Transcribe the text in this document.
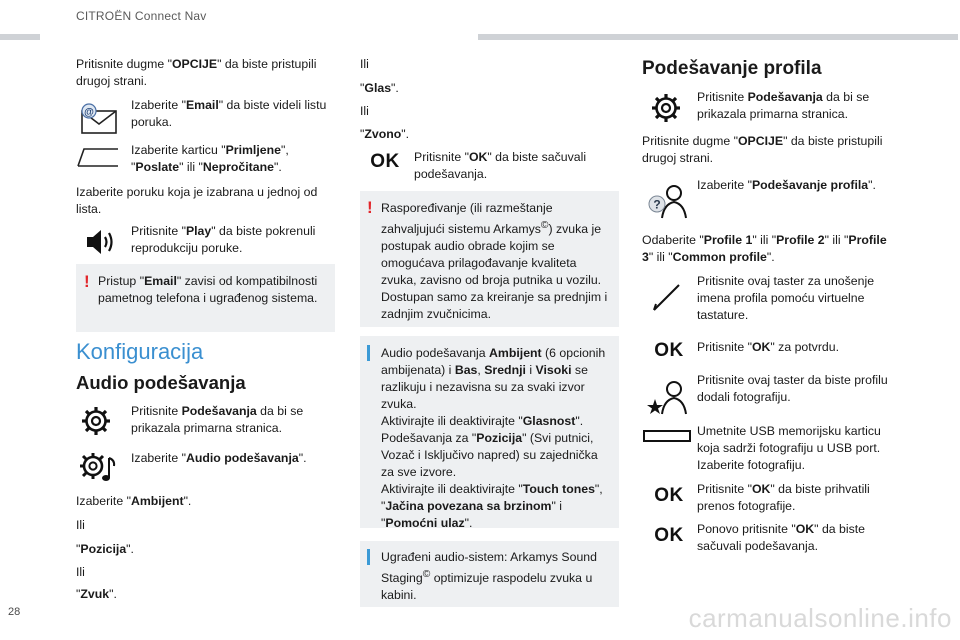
CITROËN Connect Nav
Pritisnite dugme "OPCIJE" da biste pristupili drugoj strani.
@
Izaberite "Email" da biste videli listu poruka.
Izaberite karticu "Primljene", "Poslate" ili "Nepročitane".
Izaberite poruku koja je izabrana u jednoj od lista.
Pritisnite "Play" da biste pokrenuli reprodukciju poruke.
! Pristup "Email" zavisi od kompatibilnosti pametnog telefona i ugrađenog sistema.
Konfiguracija
Audio podešavanja
Pritisnite Podešavanja da bi se prikazala primarna stranica.
Izaberite "Audio podešavanja".
Izaberite "Ambijent".
Ili
"Pozicija".
Ili
"Zvuk".
Ili
"Glas".
Ili
"Zvono".
OK	Pritisnite "OK" da biste sačuvali podešavanja.
! Raspoređivanje (ili razmeštanje zahvaljujući sistemu Arkamys©) zvuka je postupak audio obrade kojim se omogućava prilagođavanje kvaliteta zvuka, zavisno od broja putnika u vozilu. Dostupan samo za kreiranje sa prednjim i zadnjim zvučnicima.
Audio podešavanja Ambijent (6 opcionih ambijenata) i Bas, Srednji i Visoki se razlikuju i nezavisna su za svaki izvor zvuka.
Aktivirajte ili deaktivirajte "Glasnost".
Podešavanja za "Pozicija" (Svi putnici, Vozač i Isključivo napred) su zajednička za sve izvore.
Aktivirajte ili deaktivirajte "Touch tones", "Jačina povezana sa brzinom" i "Pomoćni ulaz".
Ugrađeni audio-sistem: Arkamys Sound Staging© optimizuje raspodelu zvuka u kabini.
Podešavanje profila
Pritisnite Podešavanja da bi se prikazala primarna stranica.
Pritisnite dugme "OPCIJE" da biste pristupili drugoj strani.
?
Izaberite "Podešavanje profila".
Odaberite "Profile 1" ili "Profile 2" ili "Profile 3" ili "Common profile".
Pritisnite ovaj taster za unošenje imena profila pomoću virtuelne tastature.
OK	Pritisnite "OK" za potvrdu.
Pritisnite ovaj taster da biste profilu dodali fotografiju.
Umetnite USB memorijsku karticu koja sadrži fotografiju u USB port.
Izaberite fotografiju.
OK	Pritisnite "OK" da biste prihvatili prenos fotografije.
OK	Ponovo pritisnite "OK" da biste sačuvali podešavanja.
28	carmanualsonline.info
